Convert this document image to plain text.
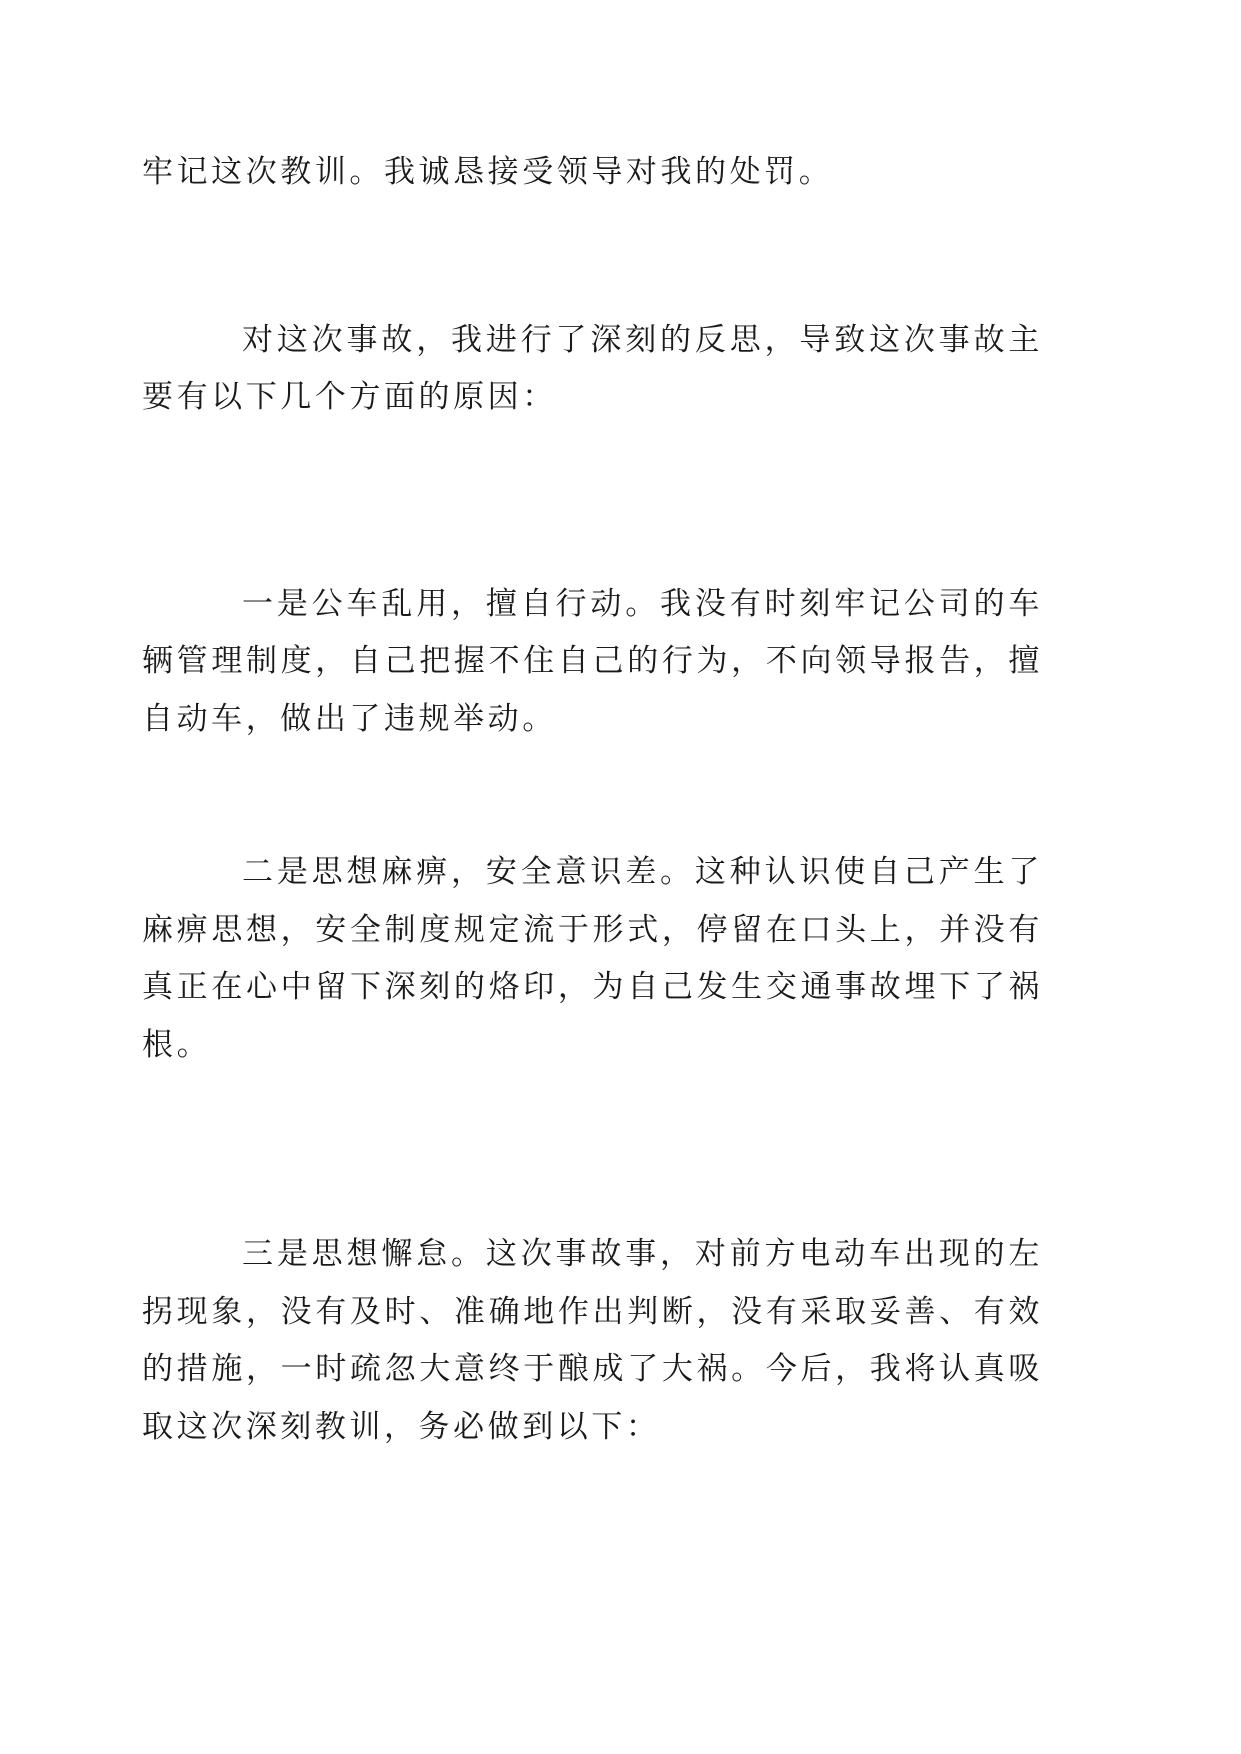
牢记这次教训。我诚恳接受领导对我的处罚。

对这次事故，我进行了深刻的反思，导致这次事故主要有以下几个方面的原因：

一是公车乱用，擅自行动。我没有时刻牢记公司的车辆管理制度，自己把握不住自己的行为，不向领导报告，擅自动车，做出了违规举动。

二是思想麻痹，安全意识差。这种认识使自己产生了麻痹思想，安全制度规定流于形式，停留在口头上，并没有真正在心中留下深刻的烙印，为自己发生交通事故埋下了祸根。

三是思想懈怠。这次事故事，对前方电动车出现的左拐现象，没有及时、准确地作出判断，没有采取妥善、有效的措施，一时疏忽大意终于酿成了大祸。今后，我将认真吸取这次深刻教训，务必做到以下：
